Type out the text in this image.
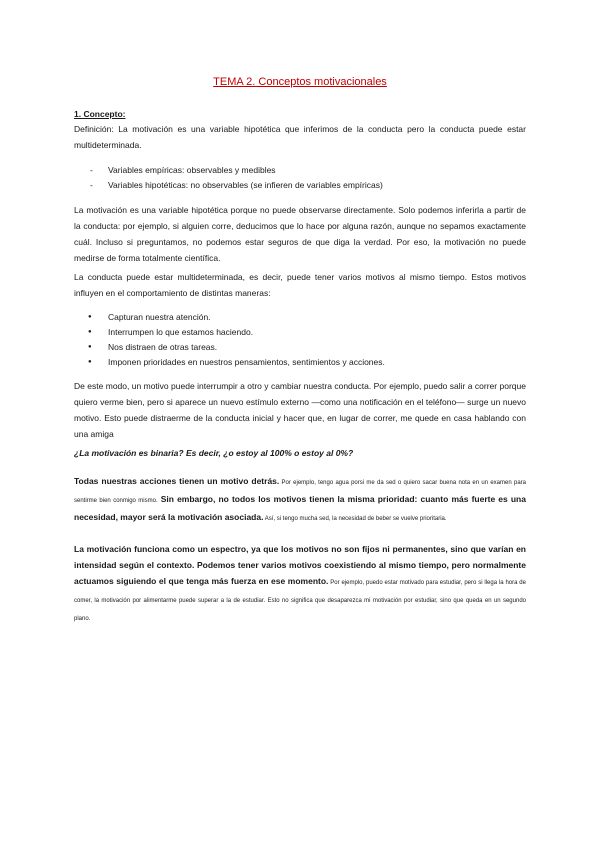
TEMA 2. Conceptos motivacionales
1. Concepto:
Definición: La motivación es una variable hipotética que inferimos de la conducta pero la conducta puede estar multideterminada.
- Variables empíricas: observables y medibles
- Variables hipotéticas: no observables (se infieren de variables empíricas)
La motivación es una variable hipotética porque no puede observarse directamente. Solo podemos inferirla a partir de la conducta: por ejemplo, si alguien corre, deducimos que lo hace por alguna razón, aunque no sepamos exactamente cuál. Incluso si preguntamos, no podemos estar seguros de que diga la verdad. Por eso, la motivación no puede medirse de forma totalmente científica.
La conducta puede estar multideterminada, es decir, puede tener varios motivos al mismo tiempo. Estos motivos influyen en el comportamiento de distintas maneras:
● Capturan nuestra atención.
● Interrumpen lo que estamos haciendo.
● Nos distraen de otras tareas.
● Imponen prioridades en nuestros pensamientos, sentimientos y acciones.
De este modo, un motivo puede interrumpir a otro y cambiar nuestra conducta. Por ejemplo, puedo salir a correr porque quiero verme bien, pero si aparece un nuevo estímulo externo —como una notificación en el teléfono— surge un nuevo motivo. Esto puede distraerme de la conducta inicial y hacer que, en lugar de correr, me quede en casa hablando con una amiga
¿La motivación es binaria? Es decir, ¿o estoy al 100% o estoy al 0%?
Todas nuestras acciones tienen un motivo detrás. Por ejemplo, tengo agua porsi me da sed o quiero sacar buena nota en un examen para sentirme bien conmigo mismo. Sin embargo, no todos los motivos tienen la misma prioridad: cuanto más fuerte es una necesidad, mayor será la motivación asociada. Así, si tengo mucha sed, la necesidad de beber se vuelve prioritaria.
La motivación funciona como un espectro, ya que los motivos no son fijos ni permanentes, sino que varían en intensidad según el contexto. Podemos tener varios motivos coexistiendo al mismo tiempo, pero normalmente actuamos siguiendo el que tenga más fuerza en ese momento. Por ejemplo, puedo estar motivado para estudiar, pero si llega la hora de comer, la motivación por alimentarme puede superar a la de estudiar. Esto no significa que desaparezca mi motivación por estudiar, sino que queda en un segundo plano.
